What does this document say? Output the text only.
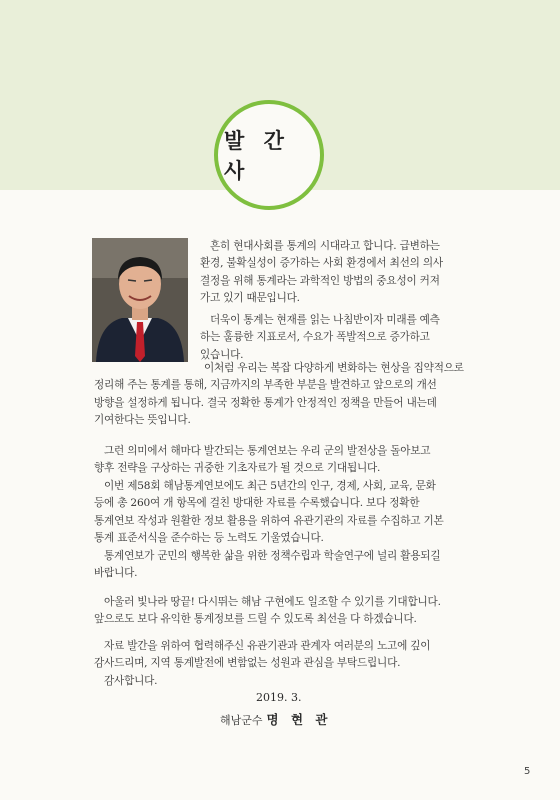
발 간 사
흔히 현대사회를 통계의 시대라고 합니다. 급변하는
환경, 불확실성이 증가하는 사회 환경에서 최선의 의사
결정을 위해 통계라는 과학적인 방법의 중요성이 커져
가고 있기 때문입니다.
더욱이 통계는 현재를 읽는 나침반이자 미래를 예측
하는 훌륭한 지표로서, 수요가 폭발적으로 증가하고
있습니다.
이처럼 우리는 복잡 다양하게 변화하는 현상을 집약적으로
정리해 주는 통계를 통해, 지금까지의 부족한 부분을 발견하고 앞으로의 개선
방향을 설정하게 됩니다. 결국 정확한 통계가 안정적인 정책을 만들어 내는데
기여한다는 뜻입니다.
그런 의미에서 해마다 발간되는 통계연보는 우리 군의 발전상을 돌아보고
향후 전략을 구상하는 귀중한 기초자료가 될 것으로 기대됩니다.
이번 제58회 해남통계연보에도 최근 5년간의 인구, 경제, 사회, 교육, 문화
등에 총 260여 개 항목에 걸친 방대한 자료를 수록했습니다. 보다 정확한
통계연보 작성과 원활한 정보 활용을 위하여 유관기관의 자료를 수집하고 기본
통계 표준서식을 준수하는 등 노력도 기울였습니다.
통계연보가 군민의 행복한 삶을 위한 정책수립과 학술연구에 널리 활용되길
바랍니다.
아울러 빛나라 땅끝! 다시뛰는 해남 구현에도 일조할 수 있기를 기대합니다.
앞으로도 보다 유익한 통계정보를 드릴 수 있도록 최선을 다 하겠습니다.
자료 발간을 위하여 협력해주신 유관기관과 관계자 여러분의 노고에 깊이
감사드리며, 지역 통계발전에 변함없는 성원과 관심을 부탁드립니다.
감사합니다.
2019. 3.
해남군수 명 현 관
5
